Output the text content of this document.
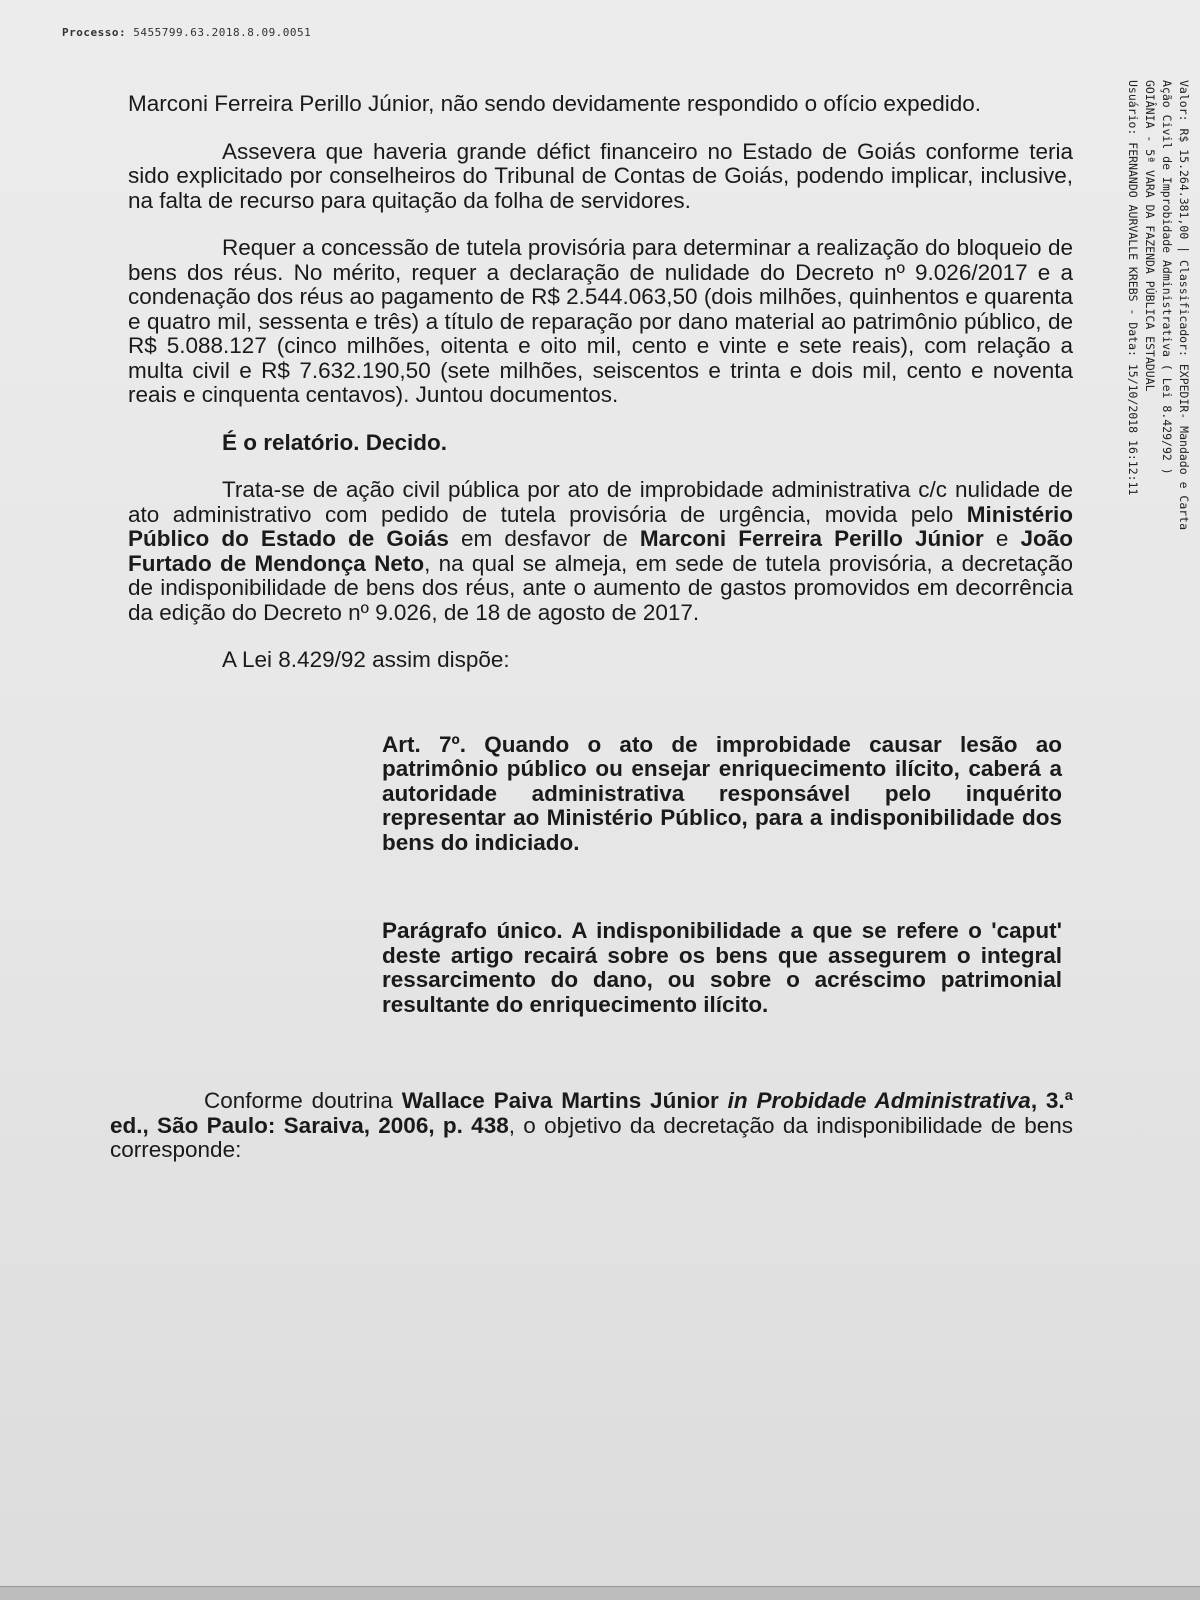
Processo: 5455799.63.2018.8.09.0051
Valor: R$ 15.264.381,00 | Classificador: EXPEDIR- Mandado e Carta
Ação Civil de Improbidade Administrativa ( Lei 8.429/92 )
GOIÂNIA - 5ª VARA DA FAZENDA PÚBLICA ESTADUAL
Usuário: FERNANDO AURVALLE KREBS - Data: 15/10/2018 16:12:11

Marconi Ferreira Perillo Júnior, não sendo devidamente respondido o ofício expedido.

Assevera que haveria grande défict financeiro no Estado de Goiás conforme teria sido explicitado por conselheiros do Tribunal de Contas de Goiás, podendo implicar, inclusive, na falta de recurso para quitação da folha de servidores.

Requer a concessão de tutela provisória para determinar a realização do bloqueio de bens dos réus. No mérito, requer a declaração de nulidade do Decreto nº 9.026/2017 e a condenação dos réus ao pagamento de R$ 2.544.063,50 (dois milhões, quinhentos e quarenta e quatro mil, sessenta e três) a título de reparação por dano material ao patrimônio público, de R$ 5.088.127 (cinco milhões, oitenta e oito mil, cento e vinte e sete reais), com relação a multa civil e R$ 7.632.190,50 (sete milhões, seiscentos e trinta e dois mil, cento e noventa reais e cinquenta centavos). Juntou documentos.

É o relatório. Decido.

Trata-se de ação civil pública por ato de improbidade administrativa c/c nulidade de ato administrativo com pedido de tutela provisória de urgência, movida pelo Ministério Público do Estado de Goiás em desfavor de Marconi Ferreira Perillo Júnior e João Furtado de Mendonça Neto, na qual se almeja, em sede de tutela provisória, a decretação de indisponibilidade de bens dos réus, ante o aumento de gastos promovidos em decorrência da edição do Decreto nº 9.026, de 18 de agosto de 2017.

A Lei 8.429/92 assim dispõe:

Art. 7º. Quando o ato de improbidade causar lesão ao patrimônio público ou ensejar enriquecimento ilícito, caberá a autoridade administrativa responsável pelo inquérito representar ao Ministério Público, para a indisponibilidade dos bens do indiciado.

Parágrafo único. A indisponibilidade a que se refere o 'caput' deste artigo recairá sobre os bens que assegurem o integral ressarcimento do dano, ou sobre o acréscimo patrimonial resultante do enriquecimento ilícito.

Conforme doutrina Wallace Paiva Martins Júnior in Probidade Administrativa, 3.ª ed., São Paulo: Saraiva, 2006, p. 438, o objetivo da decretação da indisponibilidade de bens corresponde:
